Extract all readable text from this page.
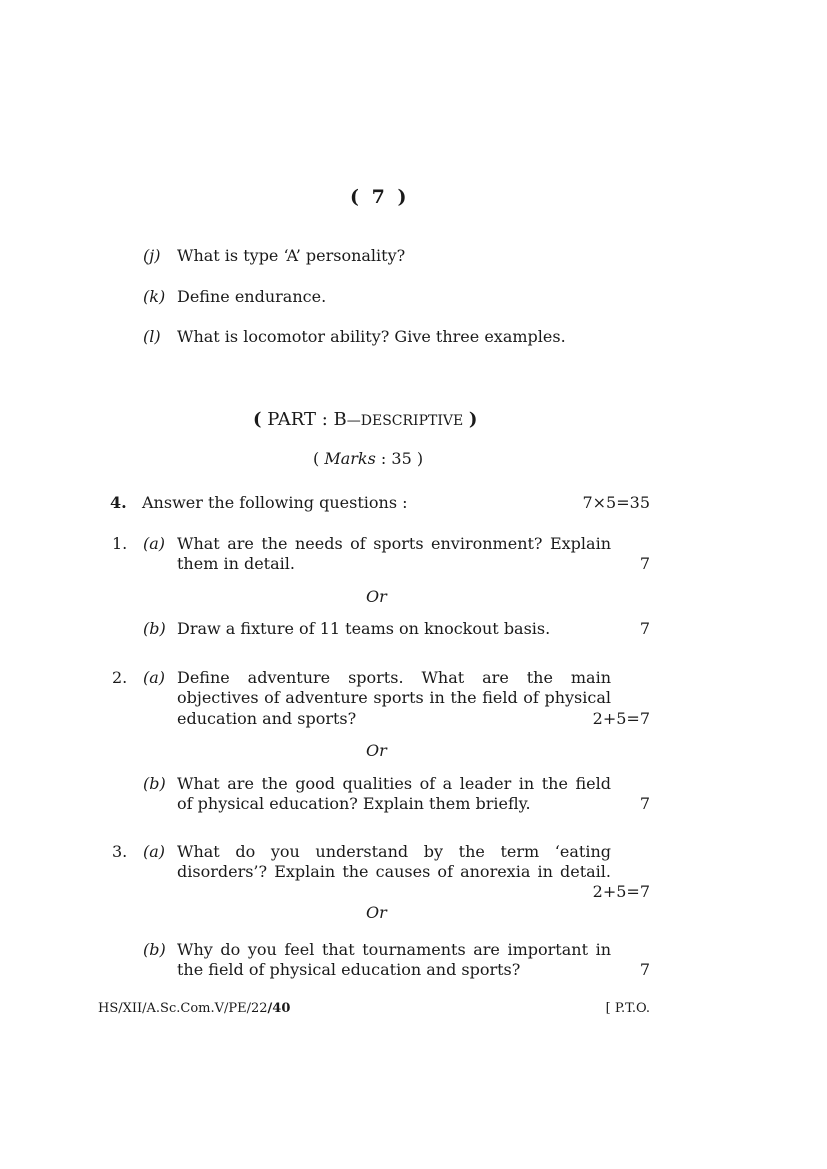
( 7 )
(j) What is type ‘A’ personality?
(k) Define endurance.
(l) What is locomotor ability? Give three examples.
( PART : B—DESCRIPTIVE )
( Marks : 35 )
4. Answer the following questions :	7×5=35
1. (a) What are the needs of sports environment? Explain
them in detail.	7
Or
(b) Draw a fixture of 11 teams on knockout basis.	7
2. (a) Define adventure sports. What are the main
objectives of adventure sports in the field of physical
education and sports?	2+5=7
Or
(b) What are the good qualities of a leader in the field
of physical education? Explain them briefly.	7
3. (a) What do you understand by the term ‘eating
disorders’? Explain the causes of anorexia in detail.
2+5=7
Or
(b) Why do you feel that tournaments are important in
the field of physical education and sports?	7
HS/XII/A.Sc.Com.V/PE/22/40	[ P.T.O.
